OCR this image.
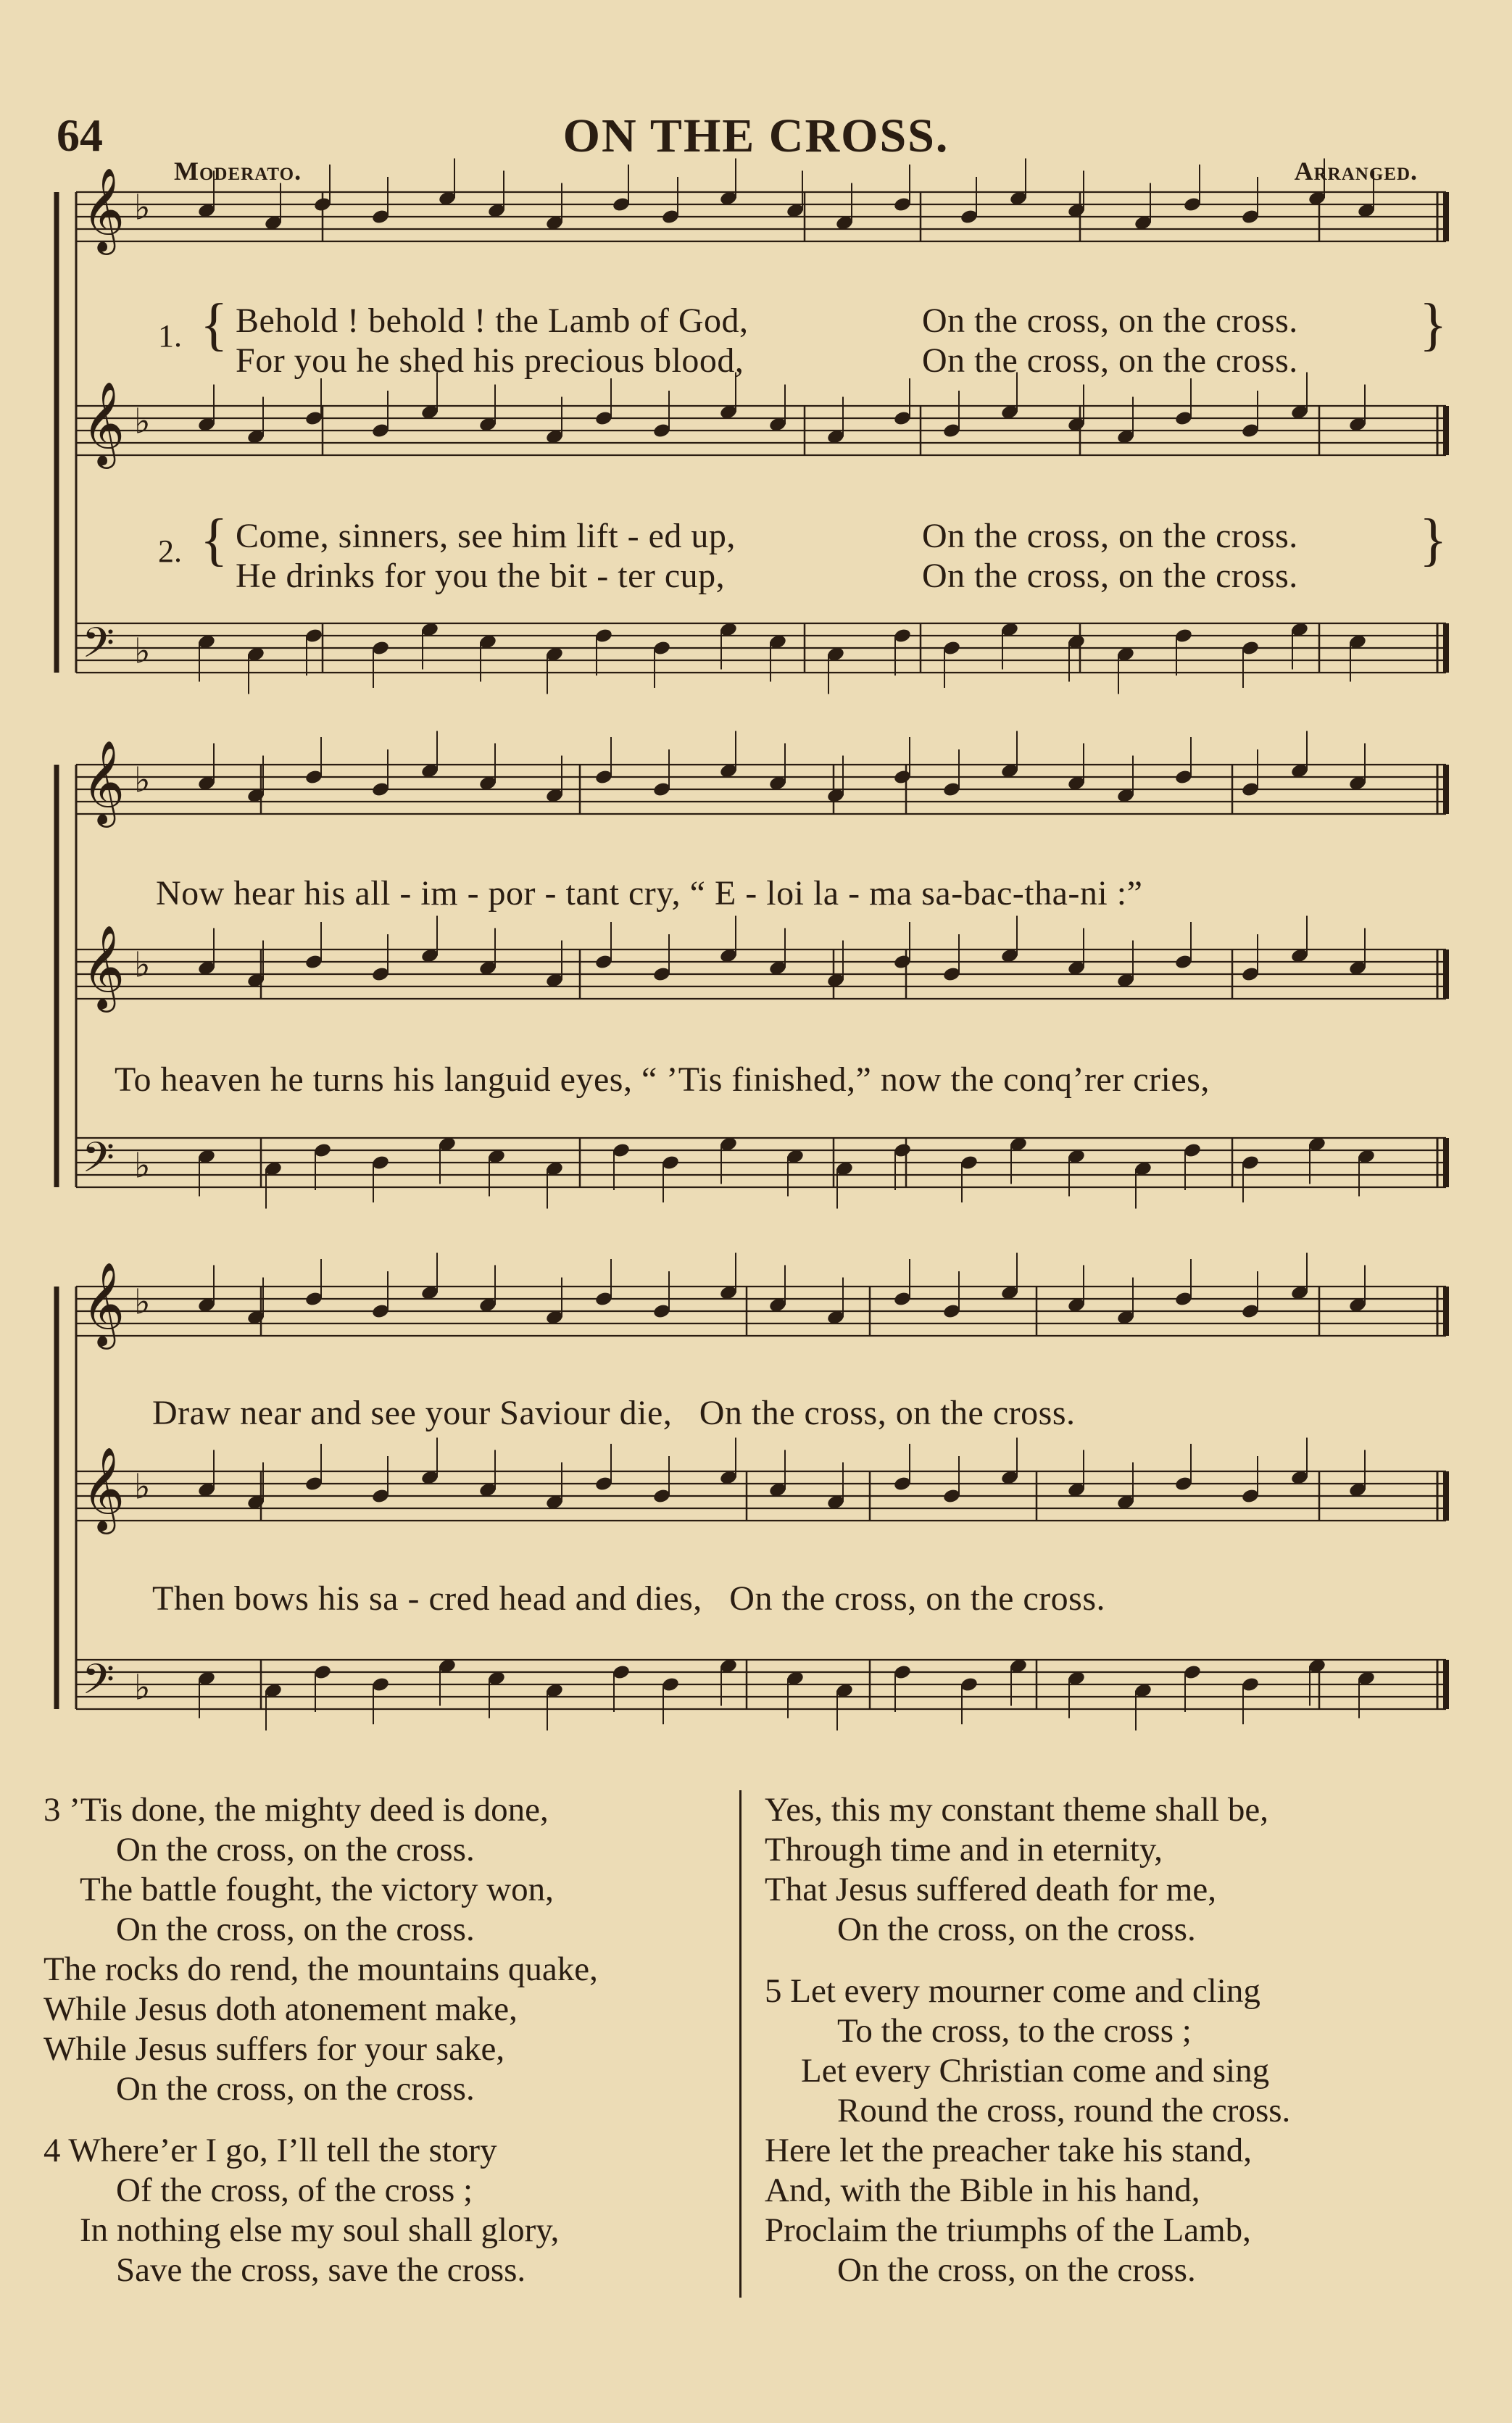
64	ON THE CROSS.
Moderato.	Arranged.
𝄞 ♭
𝄞 ♭
𝄢 ♭
𝄞 ♭
𝄞 ♭
𝄢 ♭
𝄞 ♭
𝄞 ♭
𝄢 ♭
1. { Behold ! behold ! the Lamb of God,	On the cross, on the cross.
For you he shed his precious blood,	On the cross, on the cross.
}
2. { Come, sinners, see him lift - ed up,	On the cross, on the cross.
He drinks for you the bit - ter cup,	On the cross, on the cross.
}
Now hear his all - im - por - tant cry, “ E - loi la - ma sa-bac-tha-ni :”
To heaven he turns his languid eyes, “ ’Tis finished,” now the conq’rer cries,
Draw near and see your Saviour die,   On the cross, on the cross.
Then bows his sa - cred head and dies,   On the cross, on the cross.
3 ’Tis done, the mighty deed is done,
On the cross, on the cross.
The battle fought, the victory won,
On the cross, on the cross.
The rocks do rend, the mountains quake,
While Jesus doth atonement make,
While Jesus suffers for your sake,
On the cross, on the cross.
4 Where’er I go, I’ll tell the story
Of the cross, of the cross ;
In nothing else my soul shall glory,
Save the cross, save the cross.
Yes, this my constant theme shall be,
Through time and in eternity,
That Jesus suffered death for me,
On the cross, on the cross.
5 Let every mourner come and cling
To the cross, to the cross ;
Let every Christian come and sing
Round the cross, round the cross.
Here let the preacher take his stand,
And, with the Bible in his hand,
Proclaim the triumphs of the Lamb,
On the cross, on the cross.
